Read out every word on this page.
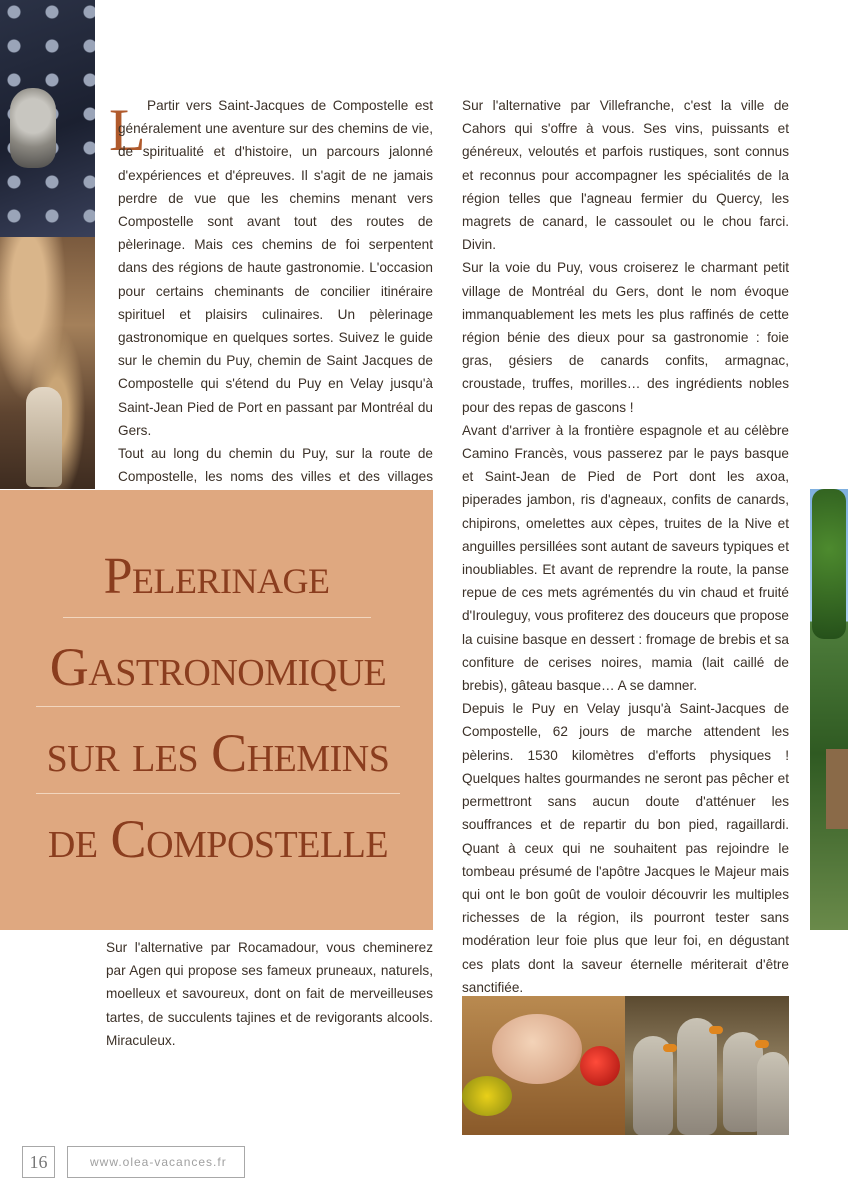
L Partir vers Saint-Jacques de Compostelle est généralement une aventure sur des chemins de vie, de spiritualité et d'histoire, un parcours jalonné d'expériences et d'épreuves. Il s'agit de ne jamais perdre de vue que les chemins menant vers Compostelle sont avant tout des routes de pèlerinage. Mais ces chemins de foi serpentent dans des régions de haute gastronomie. L'occasion pour certains cheminants de concilier itinéraire spirituel et plaisirs culinaires. Un pèlerinage gastronomique en quelques sortes. Suivez le guide sur le chemin du Puy, chemin de Saint Jacques de Compostelle qui s'étend du Puy en Velay jusqu'à Saint-Jean Pied de Port en passant par Montréal du Gers.

Tout au long du chemin du Puy, sur la route de Compostelle, les noms des villes et des villages

Pelerinage
Gastronomique
sur les Chemins
de Compostelle

Sur l'alternative par Rocamadour, vous cheminerez par Agen qui propose ses fameux pruneaux, naturels, moelleux et savoureux, dont on fait de merveilleuses tartes, de succulents tajines et de revigorants alcools. Miraculeux.

Sur l'alternative par Villefranche, c'est la ville de Cahors qui s'offre à vous. Ses vins, puissants et généreux, veloutés et parfois rustiques, sont connus et reconnus pour accompagner les spécialités de la région telles que l'agneau fermier du Quercy, les magrets de canard, le cassoulet ou le chou farci. Divin.

Sur la voie du Puy, vous croiserez le charmant petit village de Montréal du Gers, dont le nom évoque immanquablement les mets les plus raffinés de cette région bénie des dieux pour sa gastronomie : foie gras, gésiers de canards confits, armagnac, croustade, truffes, morilles… des ingrédients nobles pour des repas de gascons !

Avant d'arriver à la frontière espagnole et au célèbre Camino Francès, vous passerez par le pays basque et Saint-Jean de Pied de Port dont les axoa, piperades jambon, ris d'agneaux, confits de canards, chipirons, omelettes aux cèpes, truites de la Nive et anguilles persillées sont autant de saveurs typiques et inoubliables. Et avant de reprendre la route, la panse repue de ces mets agrémentés du vin chaud et fruité d'Irouleguy, vous profiterez des douceurs que propose la cuisine basque en dessert : fromage de brebis et sa confiture de cerises noires, mamia (lait caillé de brebis), gâteau basque… A se damner.

Depuis le Puy en Velay jusqu'à Saint-Jacques de Compostelle, 62 jours de marche attendent les pèlerins. 1530 kilomètres d'efforts physiques ! Quelques haltes gourmandes ne seront pas pêcher et permettront sans aucun doute d'atténuer les souffrances et de repartir du bon pied, ragaillardi. Quant à ceux qui ne souhaitent pas rejoindre le tombeau présumé de l'apôtre Jacques le Majeur mais qui ont le bon goût de vouloir découvrir les multiples richesses de la région, ils pourront tester sans modération leur foie plus que leur foi, en dégustant ces plats dont la saveur éternelle mériterait d'être sanctifiée.

16	www.olea-vacances.fr
